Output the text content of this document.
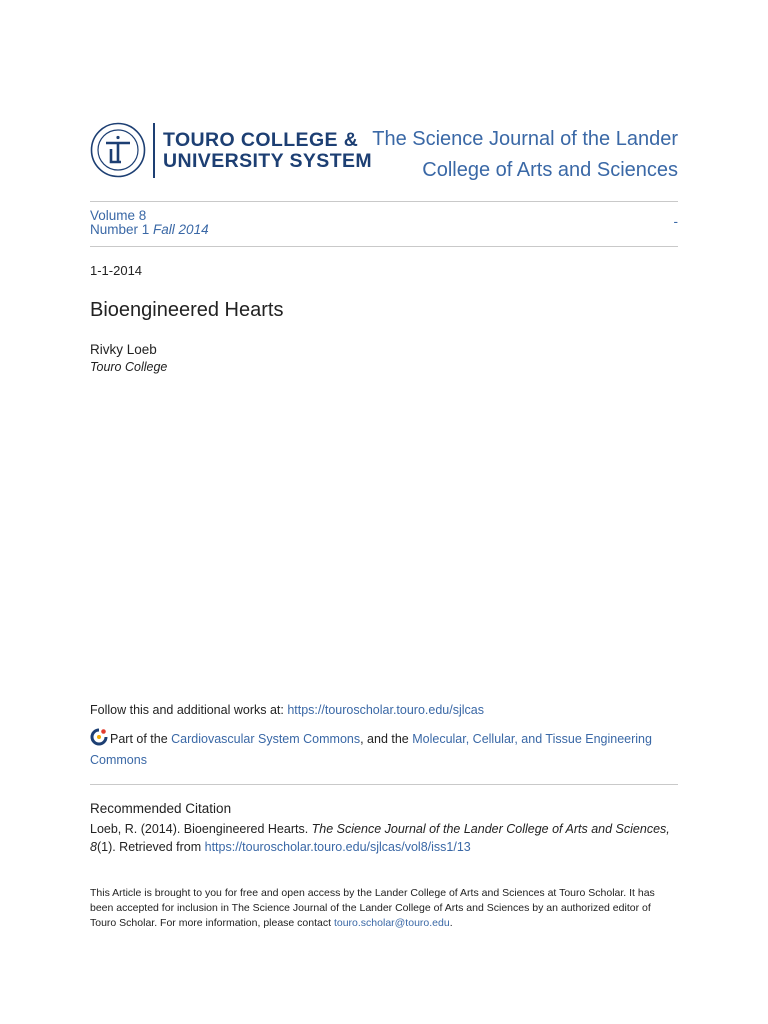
TOURO COLLEGE &
UNIVERSITY SYSTEM
The Science Journal of the Lander
College of Arts and Sciences
Volume 8
Number 1 Fall 2014
-
1-1-2014
Bioengineered Hearts
Rivky Loeb
Touro College
Follow this and additional works at: https://touroscholar.touro.edu/sjlcas
Part of the Cardiovascular System Commons, and the Molecular, Cellular, and Tissue Engineering Commons
Recommended Citation
Loeb, R. (2014). Bioengineered Hearts. The Science Journal of the Lander College of Arts and Sciences, 8(1). Retrieved from https://touroscholar.touro.edu/sjlcas/vol8/iss1/13
This Article is brought to you for free and open access by the Lander College of Arts and Sciences at Touro Scholar. It has been accepted for inclusion in The Science Journal of the Lander College of Arts and Sciences by an authorized editor of Touro Scholar. For more information, please contact touro.scholar@touro.edu.
